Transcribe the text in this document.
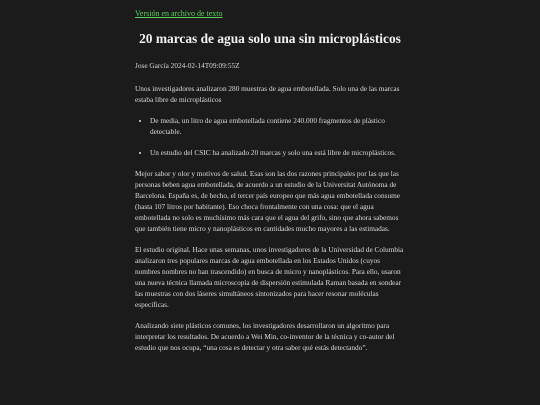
Versión en archivo de texto
20 marcas de agua solo una sin microplásticos
Jose García 2024-02-14T09:09:55Z

Unos investigadores analizaron 280 muestras de agua embotellada. Solo una de las marcas estaba libre de microplásticos

• De media, un litro de agua embotellada contiene 240.000 fragmentos de plástico detectable.
• Un estudio del CSIC ha analizado 20 marcas y solo una está libre de microplásticos.

Mejor sabor y olor y motivos de salud. Esas son las dos razones principales por las que las personas beben agua embotellada, de acuerdo a un estudio de la Universitat Autónoma de Barcelona. España es, de hecho, el tercer país europeo que más agua embotellada consume (hasta 107 litros por habitante). Eso choca frontalmente con una cosa: que el agua embotellada no solo es muchísimo más cara que el agua del grifo, sino que ahora sabemos que también tiene micro y nanoplásticos en cantidades mucho mayores a las estimadas.

El estudio original. Hace unas semanas, unos investigadores de la Universidad de Columbia analizaron tres populares marcas de agua embotellada en los Estados Unidos (cuyos nombres nombres no han trascendido) en busca de micro y nanoplásticos. Para ello, usaron una nueva técnica llamada microscopía de dispersión estimulada Raman basada en sondear las muestras con dos láseres simultáneos sintonizados para hacer resonar moléculas específicas.

Analizando siete plásticos comunes, los investigadores desarrollaron un algoritmo para interpretar los resultados. De acuerdo a Wei Min, co-inventor de la técnica y co-autor del estudio que nos ocupa, “una cosa es detectar y otra saber qué estás detectando”.
